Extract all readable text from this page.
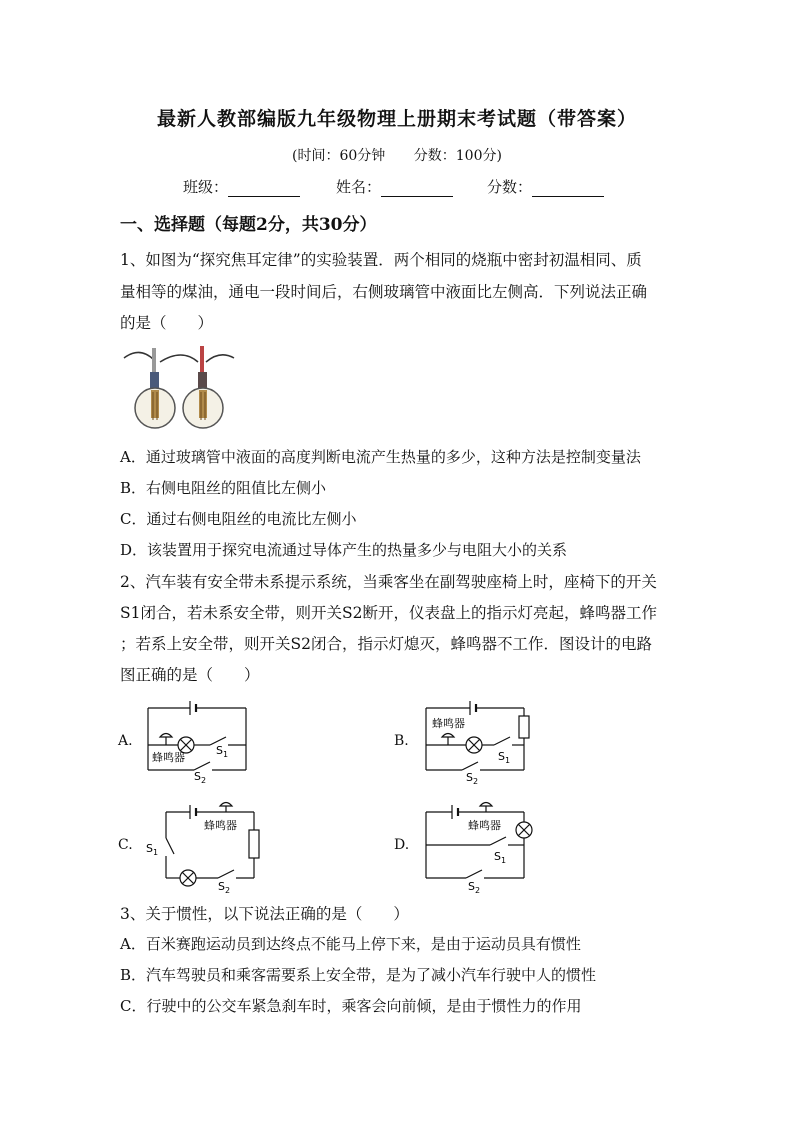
最新人教部编版九年级物理上册期末考试题（带答案）
(时间：60分钟 分数：100分)
班级：	姓名：	分数：
一、选择题（每题2分，共30分）
1、如图为“探究焦耳定律”的实验装置．两个相同的烧瓶中密封初温相同、质
量相等的煤油，通电一段时间后，右侧玻璃管中液面比左侧高．下列说法正确
的是（　　）
A．通过玻璃管中液面的高度判断电流产生热量的多少，这种方法是控制变量法
B．右侧电阻丝的阻值比左侧小
C．通过右侧电阻丝的电流比左侧小
D．该装置用于探究电流通过导体产生的热量多少与电阻大小的关系
2、汽车装有安全带未系提示系统，当乘客坐在副驾驶座椅上时，座椅下的开关
S1闭合，若未系安全带，则开关S2断开，仪表盘上的指示灯亮起，蜂鸣器工作
；若系上安全带，则开关S2闭合，指示灯熄灭，蜂鸣器不工作．图设计的电路
图正确的是（　　）
A.
蜂鸣器
$S_1$
$S_2$
B.
蜂鸣器
$S_1$
$S_2$
C.
蜂鸣器
$S_1$
$S_2$
D.
蜂鸣器
$S_1$
$S_2$
3、关于惯性，以下说法正确的是（　　）
A．百米赛跑运动员到达终点不能马上停下来，是由于运动员具有惯性
B．汽车驾驶员和乘客需要系上安全带，是为了减小汽车行驶中人的惯性
C．行驶中的公交车紧急刹车时，乘客会向前倾，是由于惯性力的作用
